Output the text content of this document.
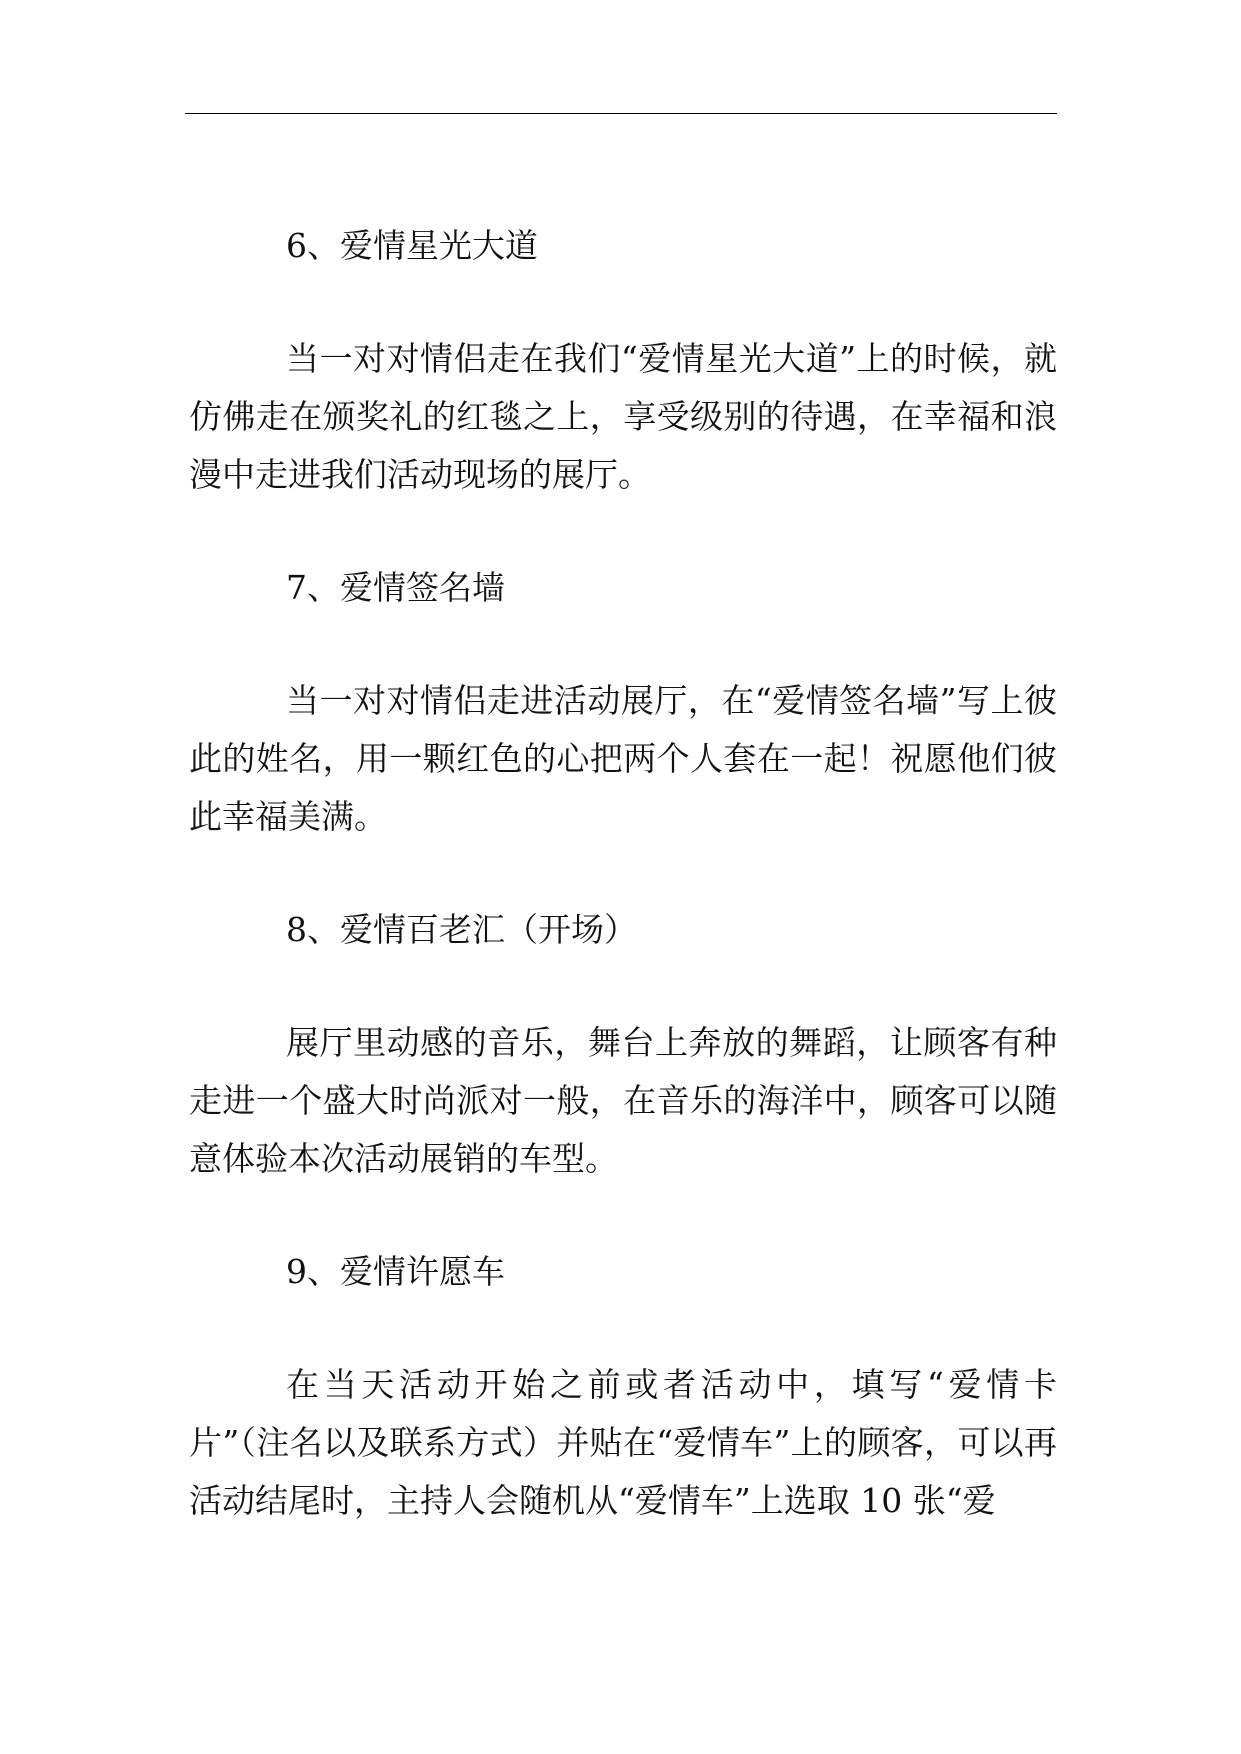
6、爱情星光大道

当一对对情侣走在我们“爱情星光大道”上的时候，就仿佛走在颁奖礼的红毯之上，享受级别的待遇，在幸福和浪漫中走进我们活动现场的展厅。

7、爱情签名墙

当一对对情侣走进活动展厅，在“爱情签名墙”写上彼此的姓名，用一颗红色的心把两个人套在一起！祝愿他们彼此幸福美满。

8、爱情百老汇（开场）

展厅里动感的音乐，舞台上奔放的舞蹈，让顾客有种走进一个盛大时尚派对一般，在音乐的海洋中，顾客可以随意体验本次活动展销的车型。

9、爱情许愿车

在当天活动开始之前或者活动中，填写“爱情卡片”（注名以及联系方式）并贴在“爱情车”上的顾客，可以再活动结尾时，主持人会随机从“爱情车”上选取 10 张“爱
